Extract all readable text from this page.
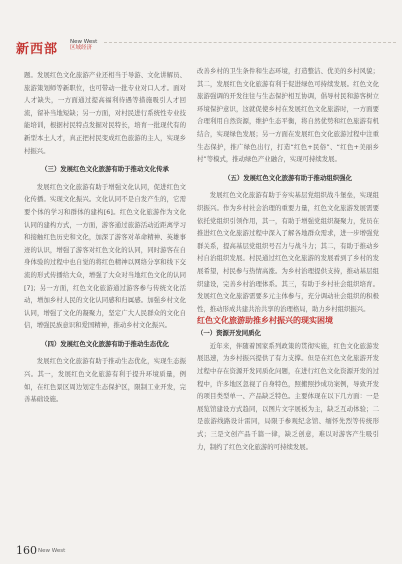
新西部 New West
区域经济

题。发展红色文化旅游产业还相当于导游、文化讲解员、旅游策划师等新职位，也可带动一批专业对口人才。面对人才缺失，一方面通过提高福利待遇等措施吸引人才回流，留补当地短缺；另一方面，对村民进行系统性专业技能培训，根据村民特点发掘对民特长，培育一批现代有的新型本土人才，真正把村民变成红色旅游的主人，实现乡村振兴。

（三）发展红色文化旅游有助于推动文化传承

发展红色文化旅游有助于增强文化认同，促进红色文化传播。实现文化振兴。文化认同不是自发产生的，它需要个体的学习和群体的建构[6]。红色文化旅游作为文化认同的建构方式，一方面，游客通过旅游活动近距离学习和接触红色历史和文化，加深了游客对革命精神、英雄事迹的认识，增强了游客对红色文化的认同，同时游客在自身体验的过程中也自觉的将红色精神以网络分享和线下交流的形式传播给大众，增强了大众对当地红色文化的认同[7]；另一方面，红色文化旅游通过游客参与传统文化活动，增加乡村人民的文化认同感和归属感。加强乡村文化认同，增强了文化的凝聚力，坚定广大人民群众的文化自信，增强民族意识和爱国精神，推动乡村文化振兴。

（四）发展红色文化旅游有助于推动生态优化

发展红色文化旅游有助于推动生态优化，实现生态振兴。其一，发展红色文化旅游有利于提升环境质量，例如，在红色景区周边划定生态保护区，限制工业开发，完善基础设施。

改善乡村的卫生条件和生态环境，打造整洁、优美的乡村风貌；其二，发展红色文化旅游有利于促进绿色可持续发展。红色文化旅游强调的开发往往与生态保护相互协调，倡导村民和游客树立环境保护意识，这就促使乡村在发展红色文化旅游时，一方面要合理利用自然资源，维护生态平衡，将自然优势和红色旅游有机结合，实现绿色发展；另一方面在发展红色文化旅游过程中注重生态保护，推广绿色出行，打造“红色+民俗”、“红色+美丽乡村”等模式，推动绿色产业融合，实现可持续发展。

（五）发展红色文化旅游有助于推动组织强化

发展红色文化旅游有助于夯实基层党组织战斗堡垒，实现组织振兴。作为乡村社会治理的重要力量，红色文化旅游发展需要依托党组织引领作用，其一，有助于增强党组织凝聚力，党员在推进红色文化旅游过程中深入了解各地群众需求，进一步增强党群关系，提高基层党组织号召力与战斗力；其二，有助于推动乡村自治组织发展。村民通过红色文化旅游的发展看到了乡村的发展希望，村民参与热情高涨。为乡村治理提供支持，推动基层组织建设，完善乡村治理体系。其三，有助于乡村社会组织培育。发展红色文化旅游需要多元主体参与，充分调动社会组织的积极性，推动形成共建共治共享的治理格局，助力乡村组织振兴。

红色文化旅游助推乡村振兴的现实困境

（一）资源开发同质化

近年来，伴随着国家系列政策的贯彻实施，红色文化旅游发展迅速，为乡村振兴提供了有力支撑。但是在红色文化旅游开发过程中存在资源开发同质化问题，在进行红色文化资源开发的过程中，许多地区忽视了自身特色，照搬照抄成功案例，导致开发的项目类型单一、产品缺乏特色。主要体现在以下几方面：一是展览馆建设方式趋同，以图片文字展板为主，缺乏互动体验；二是旅游线路设计雷同，局限于参观纪念馆、缅怀先烈等传统形式；三是文创产品千篇一律，缺乏创意，难以对游客产生吸引力，制约了红色文化旅游的可持续发展。

160 New West
